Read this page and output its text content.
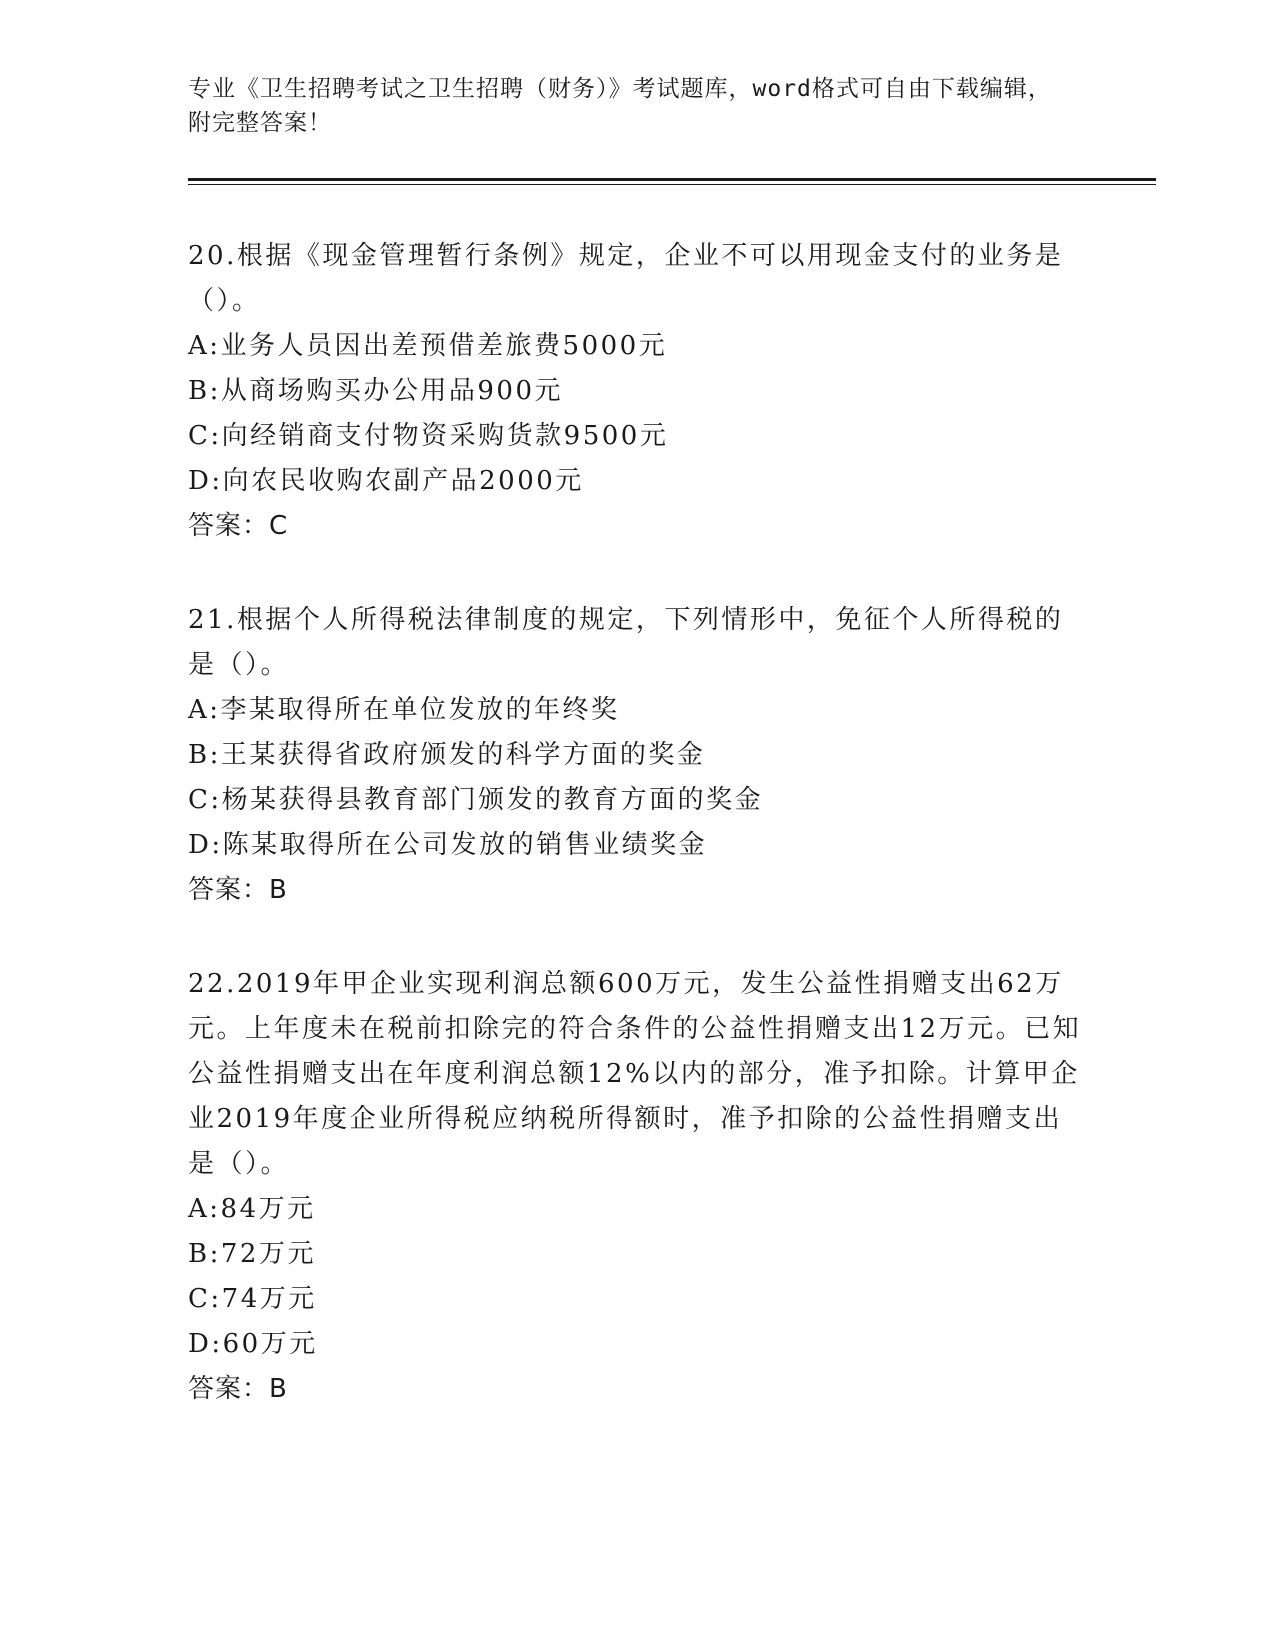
专业《卫生招聘考试之卫生招聘（财务）》考试题库，word格式可自由下载编辑，附完整答案！

20.根据《现金管理暂行条例》规定，企业不可以用现金支付的业务是（）。

A:业务人员因出差预借差旅费5000元

B:从商场购买办公用品900元

C:向经销商支付物资采购货款9500元

D:向农民收购农副产品2000元

答案：C

21.根据个人所得税法律制度的规定，下列情形中，免征个人所得税的是（）。

A:李某取得所在单位发放的年终奖

B:王某获得省政府颁发的科学方面的奖金

C:杨某获得县教育部门颁发的教育方面的奖金

D:陈某取得所在公司发放的销售业绩奖金

答案：B

22.2019年甲企业实现利润总额600万元，发生公益性捐赠支出62万元。上年度未在税前扣除完的符合条件的公益性捐赠支出12万元。已知公益性捐赠支出在年度利润总额12%以内的部分，准予扣除。计算甲企业2019年度企业所得税应纳税所得额时，准予扣除的公益性捐赠支出是（）。

A:84万元

B:72万元

C:74万元

D:60万元

答案：B
